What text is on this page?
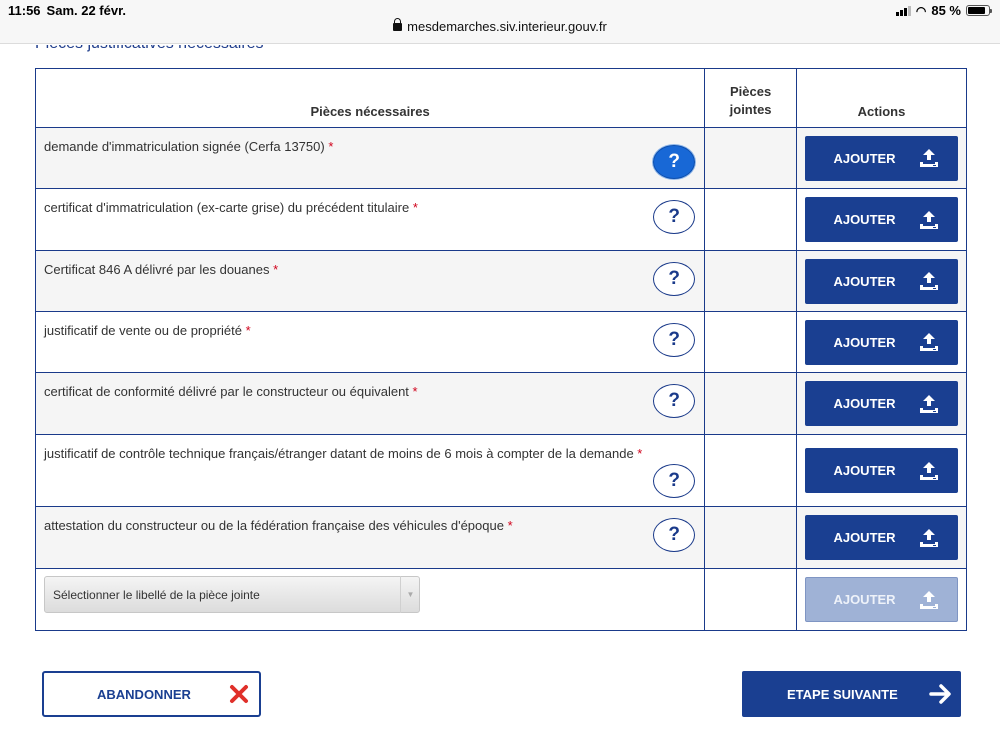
11:56 Sam. 22 févr.
mesdemarches.siv.interieur.gouv.fr
◠ 85 %
Pièces nécessaires	Pièces jointes	Actions
demande d'immatriculation signée (Cerfa 13750) *
?		AJOUTER

certificat d'immatriculation (ex-carte grise) du précédent titulaire * ?		AJOUTER

Certificat 846 A délivré par les douanes * ?		AJOUTER

justificatif de vente ou de propriété * ?		AJOUTER

certificat de conformité délivré par le constructeur ou équivalent * ?		AJOUTER

justificatif de contrôle technique français/étranger datant de moins de 6 mois à compter de la demande *
?		AJOUTER

attestation du constructeur ou de la fédération française des véhicules d'époque * ?		AJOUTER

Sélectionner le libellé de la pièce jointe ▼		AJOUTER
ABANDONNER	ETAPE SUIVANTE
